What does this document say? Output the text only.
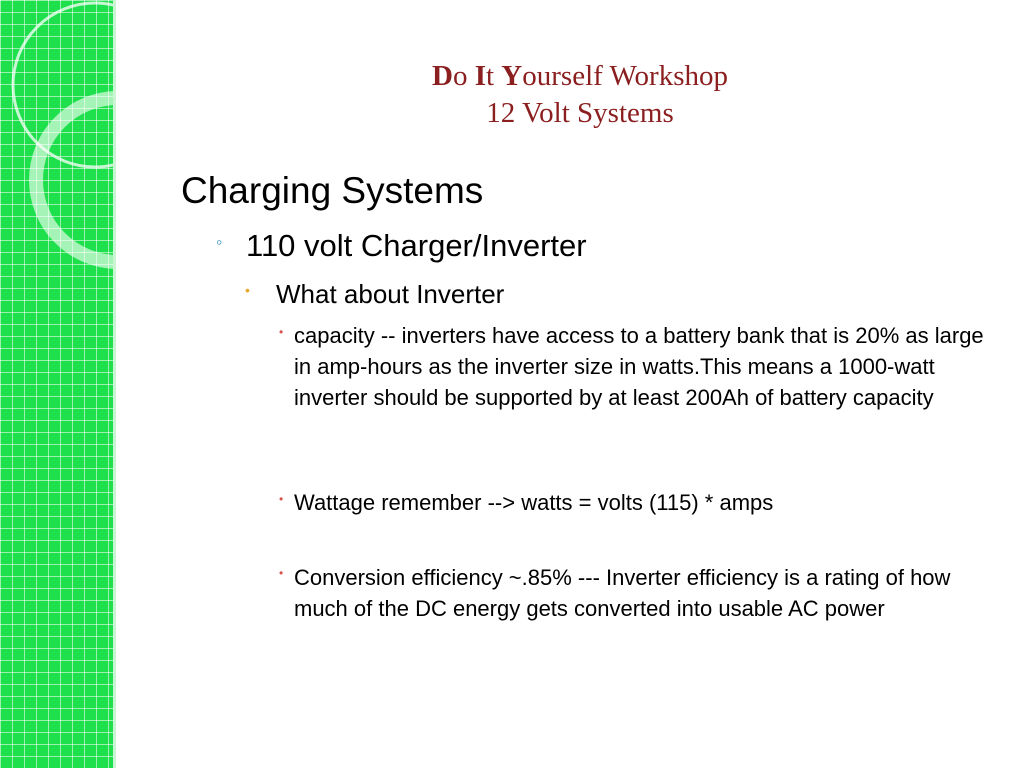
Do It Yourself Workshop
12 Volt Systems
Charging Systems
◦ 110 volt Charger/Inverter
• What about Inverter
• capacity -- inverters have access to a battery bank that is 20% as large in amp-hours as the inverter size in watts.This means a 1000-watt inverter should be supported by at least 200Ah of battery capacity
• Wattage remember --> watts = volts (115) * amps
• Conversion efficiency ~.85% --- Inverter efficiency is a rating of how much of the DC energy gets converted into usable AC power
